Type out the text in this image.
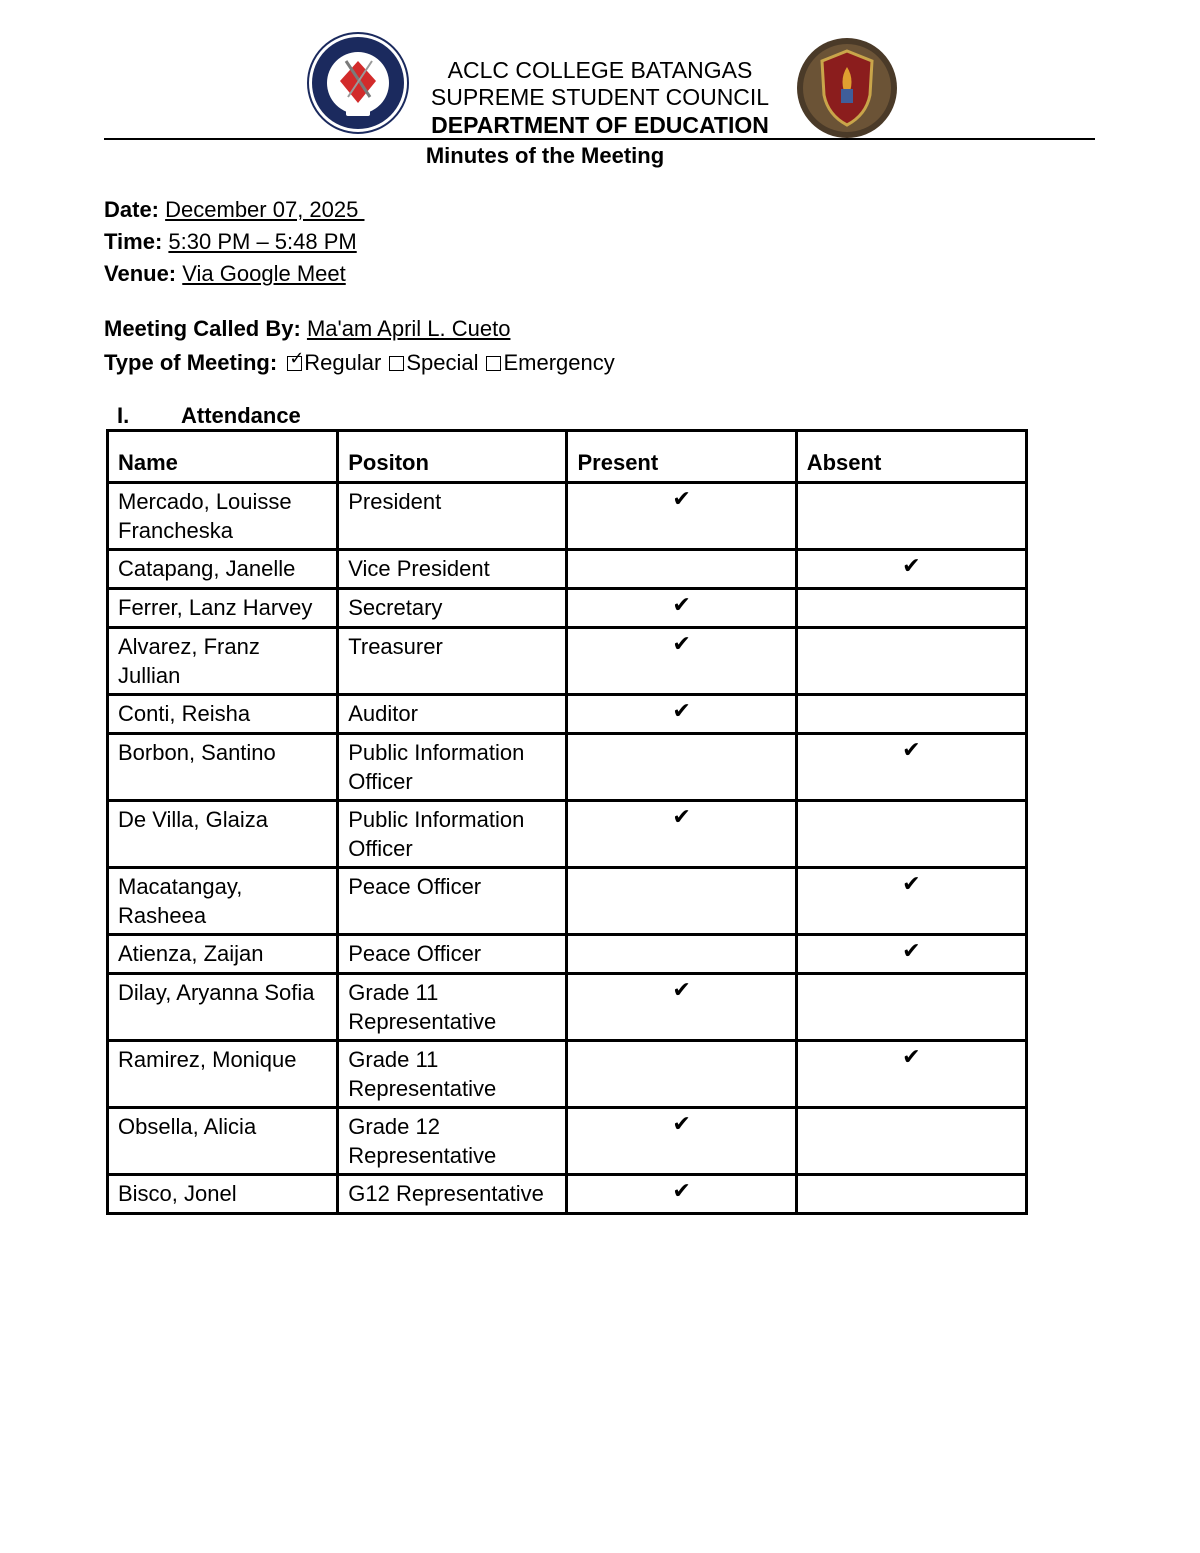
ACLC COLLEGE BATANGAS
SUPREME STUDENT COUNCIL
DEPARTMENT OF EDUCATION
Minutes of the Meeting
Date: December 07, 2025
Time: 5:30 PM – 5:48 PM
Venue: Via Google Meet
Meeting Called By: Ma'am April L. Cueto
Type of Meeting: ✓ Regular Special Emergency
I. Attendance
Name	Positon	Present	Absent
Mercado, Louisse Francheska	President	✔	
Catapang, Janelle	Vice President		✔
Ferrer, Lanz Harvey	Secretary	✔	
Alvarez, Franz Jullian	Treasurer	✔	
Conti, Reisha	Auditor	✔	
Borbon, Santino	Public Information Officer		✔
De Villa, Glaiza	Public Information Officer	✔	
Macatangay, Rasheea	Peace Officer		✔
Atienza, Zaijan	Peace Officer		✔
Dilay, Aryanna Sofia	Grade 11 Representative	✔	
Ramirez, Monique	Grade 11 Representative		✔
Obsella, Alicia	Grade 12 Representative	✔	
Bisco, Jonel	G12 Representative	✔	
